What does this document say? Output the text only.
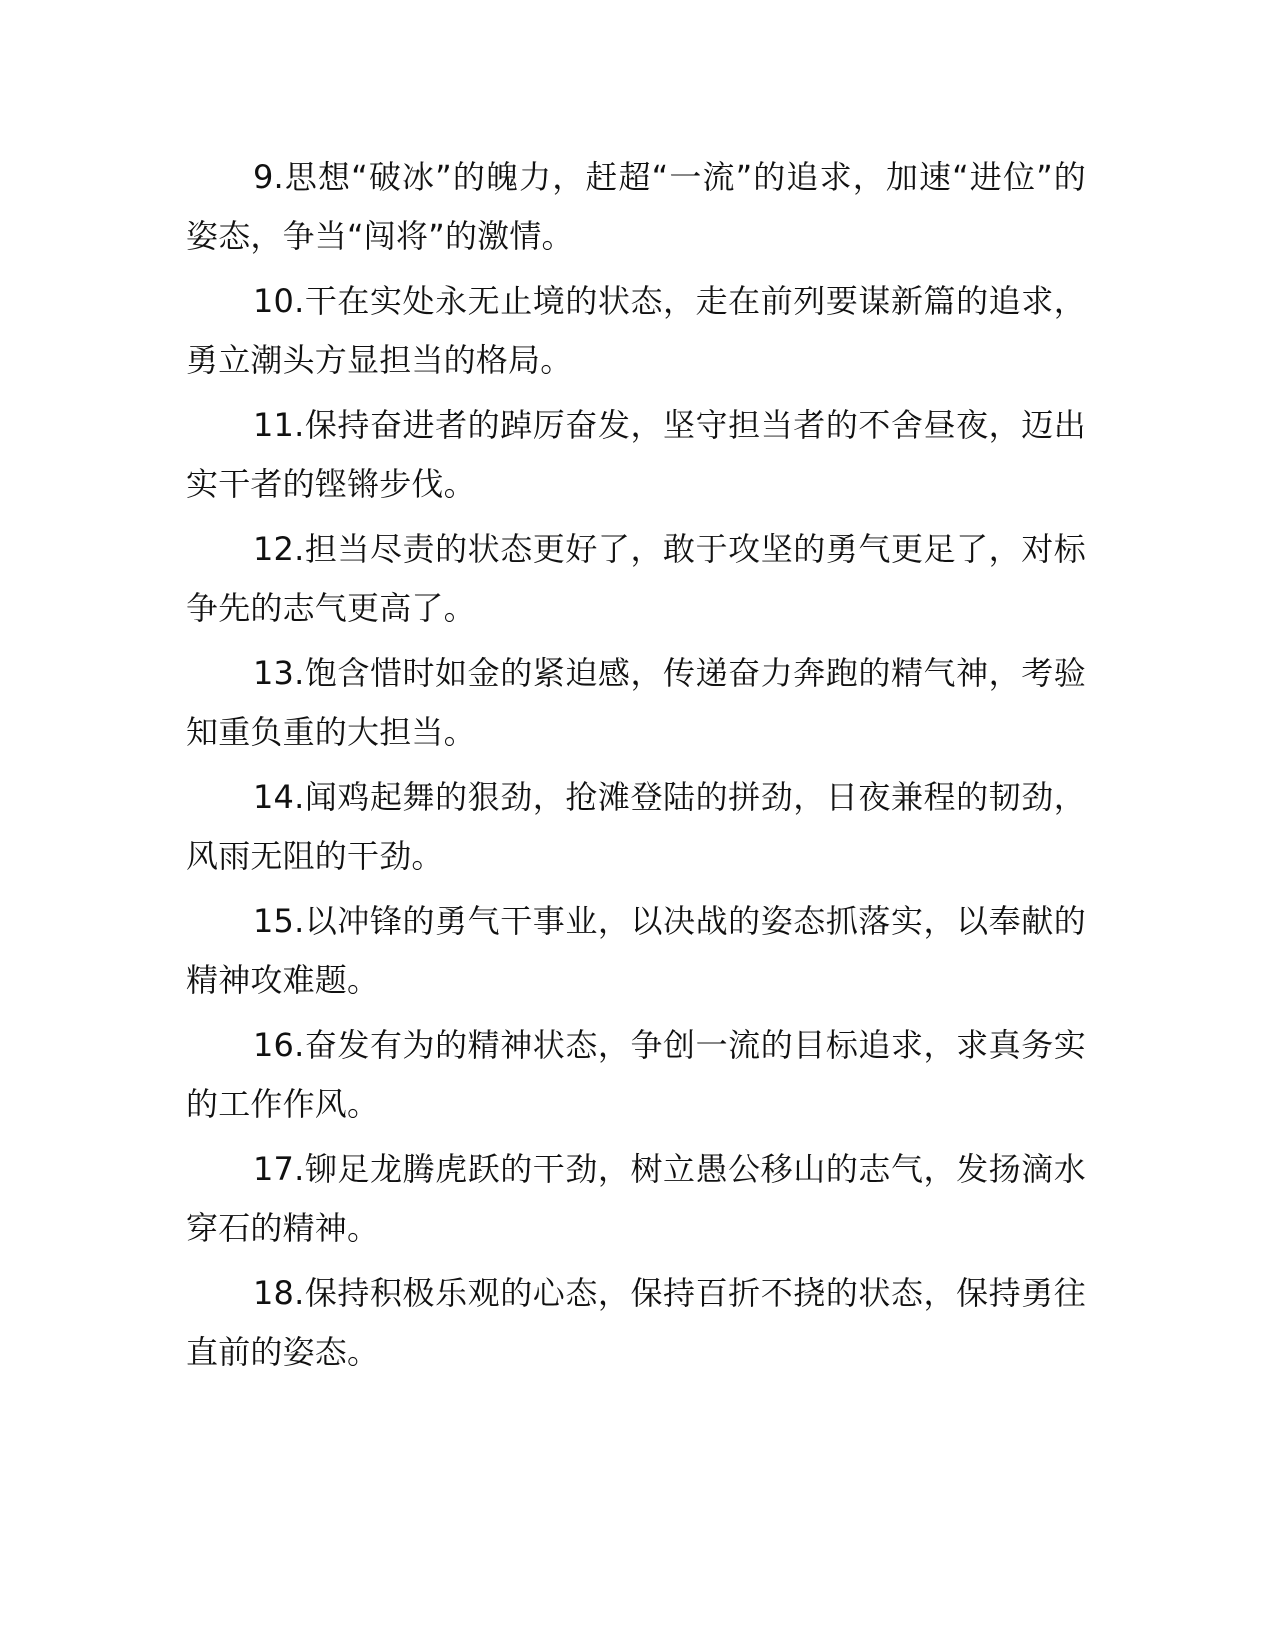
9.思想“破冰”的魄力，赶超“一流”的追求，加速“进位”的姿态，争当“闯将”的激情。

10.干在实处永无止境的状态，走在前列要谋新篇的追求，勇立潮头方显担当的格局。

11.保持奋进者的踔厉奋发，坚守担当者的不舍昼夜，迈出实干者的铿锵步伐。

12.担当尽责的状态更好了，敢于攻坚的勇气更足了，对标争先的志气更高了。

13.饱含惜时如金的紧迫感，传递奋力奔跑的精气神，考验知重负重的大担当。

14.闻鸡起舞的狠劲，抢滩登陆的拼劲，日夜兼程的韧劲，风雨无阻的干劲。

15.以冲锋的勇气干事业，以决战的姿态抓落实，以奉献的精神攻难题。

16.奋发有为的精神状态，争创一流的目标追求，求真务实的工作作风。

17.铆足龙腾虎跃的干劲，树立愚公移山的志气，发扬滴水穿石的精神。

18.保持积极乐观的心态，保持百折不挠的状态，保持勇往直前的姿态。
